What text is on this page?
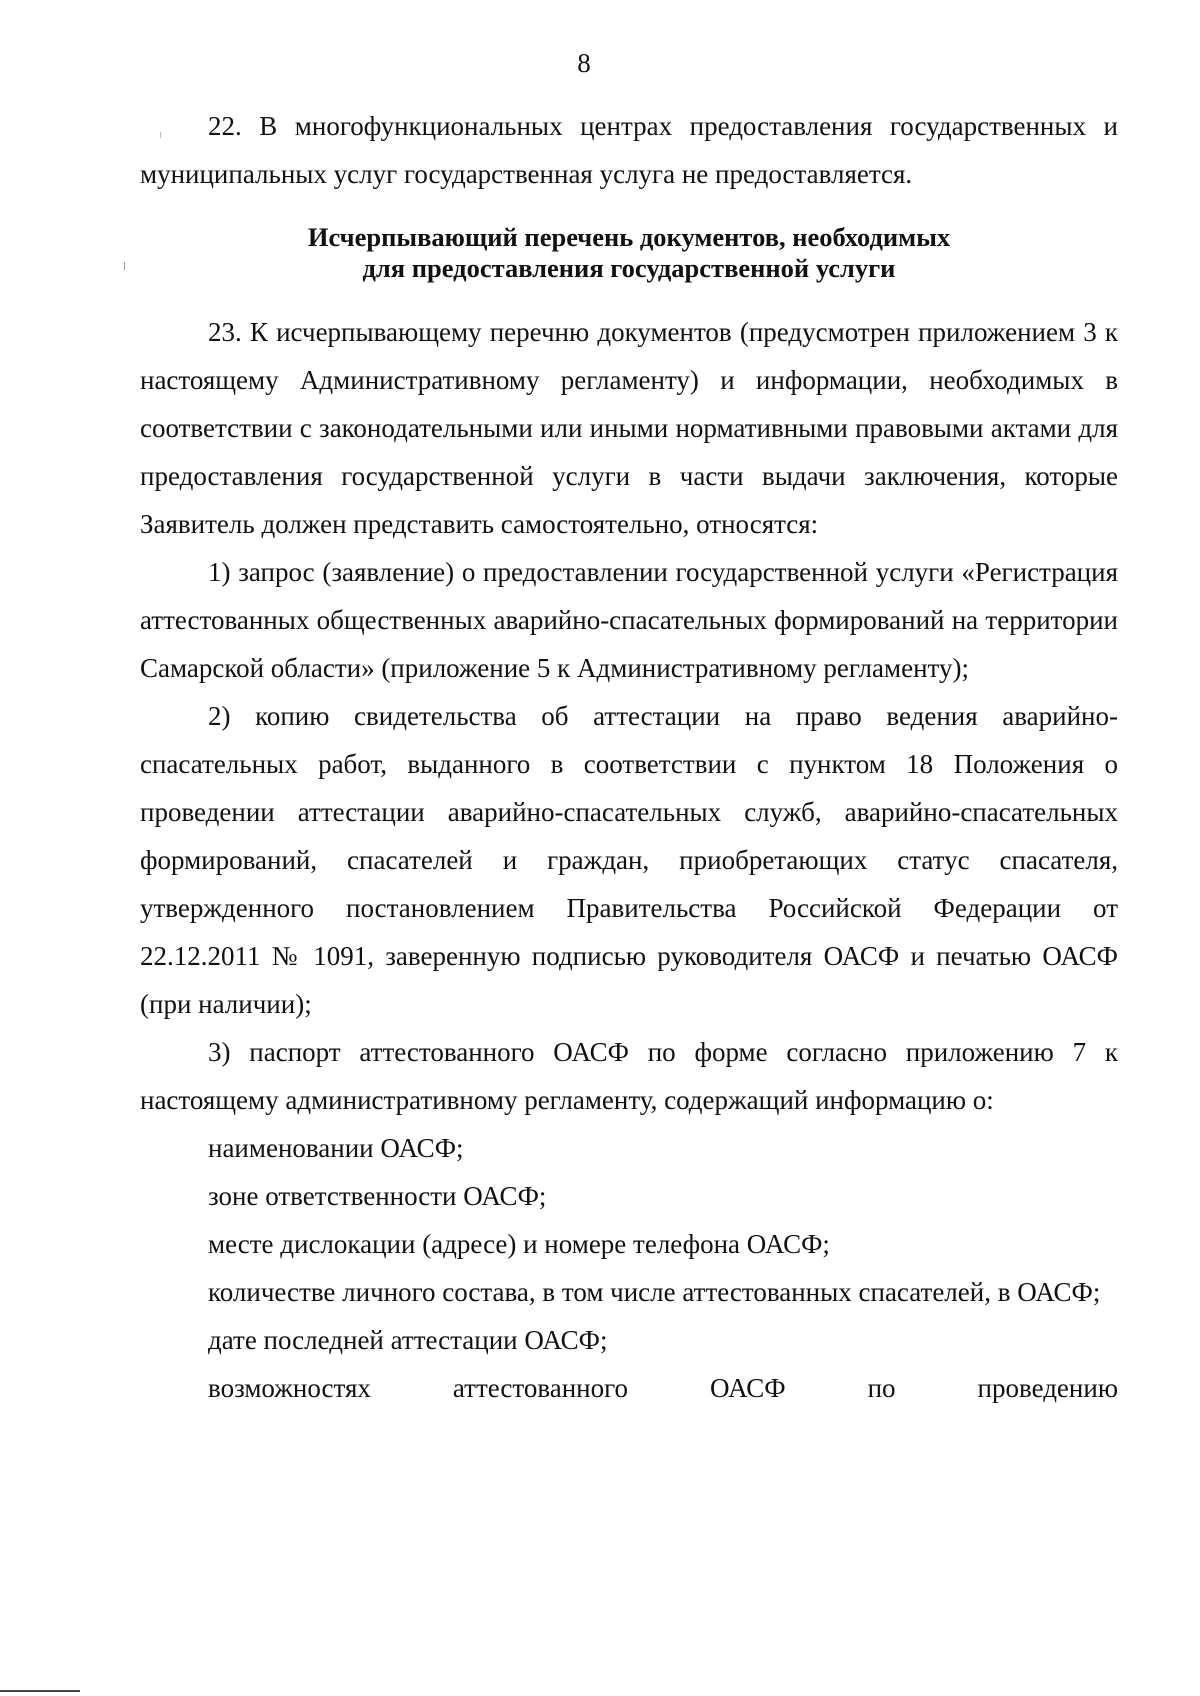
8

22. В многофункциональных центрах предоставления государственных и муниципальных услуг государственная услуга не предоставляется.

Исчерпывающий перечень документов, необходимых
для предоставления государственной услуги

23. К исчерпывающему перечню документов (предусмотрен приложением 3 к настоящему Административному регламенту) и информации, необходимых в соответствии с законодательными или иными нормативными правовыми актами для предоставления государственной услуги в части выдачи заключения, которые Заявитель должен представить самостоятельно, относятся:

1) запрос (заявление) о предоставлении государственной услуги «Регистрация аттестованных общественных аварийно-спасательных формирований на территории Самарской области» (приложение 5 к Административному регламенту);

2) копию свидетельства об аттестации на право ведения аварийно-спасательных работ, выданного в соответствии с пунктом 18 Положения о проведении аттестации аварийно-спасательных служб, аварийно-спасательных формирований, спасателей и граждан, приобретающих статус спасателя, утвержденного постановлением Правительства Российской Федерации от 22.12.2011 № 1091, заверенную подписью руководителя ОАСФ и печатью ОАСФ (при наличии);

3) паспорт аттестованного ОАСФ по форме согласно приложению 7 к настоящему административному регламенту, содержащий информацию о:

наименовании ОАСФ;

зоне ответственности ОАСФ;

месте дислокации (адресе) и номере телефона ОАСФ;

количестве личного состава, в том числе аттестованных спасателей, в ОАСФ;

дате последней аттестации ОАСФ;

возможностях аттестованного ОАСФ по проведению
